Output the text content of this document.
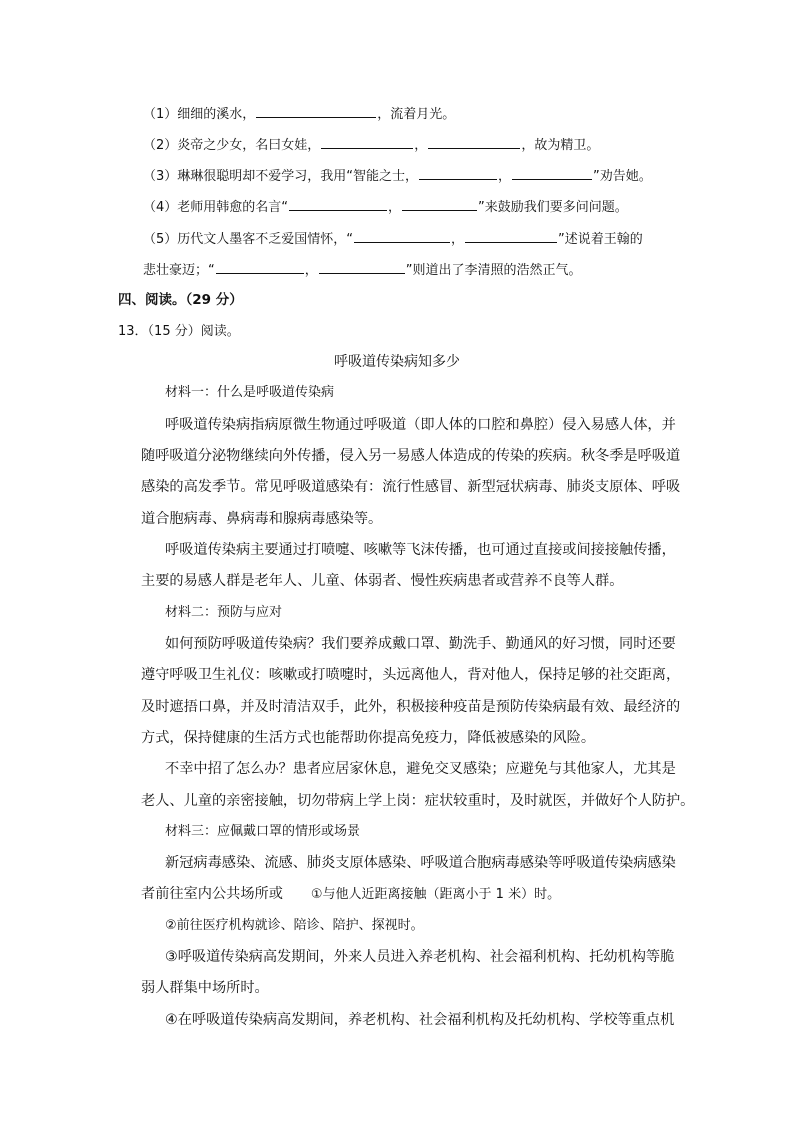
（1）细细的溪水，	，流着月光。
（2）炎帝之少女，名曰女娃，	，	，故为精卫。
（3）琳琳很聪明却不爱学习，我用“智能之士，	，	”劝告她。
（4）老师用韩愈的名言“	，	”来鼓励我们要多问问题。
（5）历代文人墨客不乏爱国情怀，“	，	”述说着王翰的
悲壮豪迈；“	，	”则道出了李清照的浩然正气。
四、阅读。（29 分）
13．（15 分）阅读。
呼吸道传染病知多少
材料一：什么是呼吸道传染病
呼吸道传染病指病原微生物通过呼吸道（即人体的口腔和鼻腔）侵入易感人体，并
随呼吸道分泌物继续向外传播，侵入另一易感人体造成的传染的疾病。秋冬季是呼吸道
感染的高发季节。常见呼吸道感染有：流行性感冒、新型冠状病毒、肺炎支原体、呼吸
道合胞病毒、鼻病毒和腺病毒感染等。
呼吸道传染病主要通过打喷嚏、咳嗽等飞沫传播，也可通过直接或间接接触传播，
主要的易感人群是老年人、儿童、体弱者、慢性疾病患者或营养不良等人群。
材料二：预防与应对
如何预防呼吸道传染病？我们要养成戴口罩、勤洗手、勤通风的好习惯，同时还要
遵守呼吸卫生礼仪：咳嗽或打喷嚏时，头远离他人，背对他人，保持足够的社交距离，
及时遮捂口鼻，并及时清洁双手，此外，积极接种疫苗是预防传染病最有效、最经济的
方式，保持健康的生活方式也能帮助你提高免疫力，降低被感染的风险。
不幸中招了怎么办？患者应居家休息，避免交叉感染；应避免与其他家人，尤其是
老人、儿童的亲密接触，切勿带病上学上岗：症状较重时，及时就医，并做好个人防护。
材料三：应佩戴口罩的情形或场景
新冠病毒感染、流感、肺炎支原体感染、呼吸道合胞病毒感染等呼吸道传染病感染
者前往室内公共场所或 ①与他人近距离接触（距离小于 1 米）时。
②前往医疗机构就诊、陪诊、陪护、探视时。
③呼吸道传染病高发期间，外来人员进入养老机构、社会福利机构、托幼机构等脆
弱人群集中场所时。
④在呼吸道传染病高发期间，养老机构、社会福利机构及托幼机构、学校等重点机
